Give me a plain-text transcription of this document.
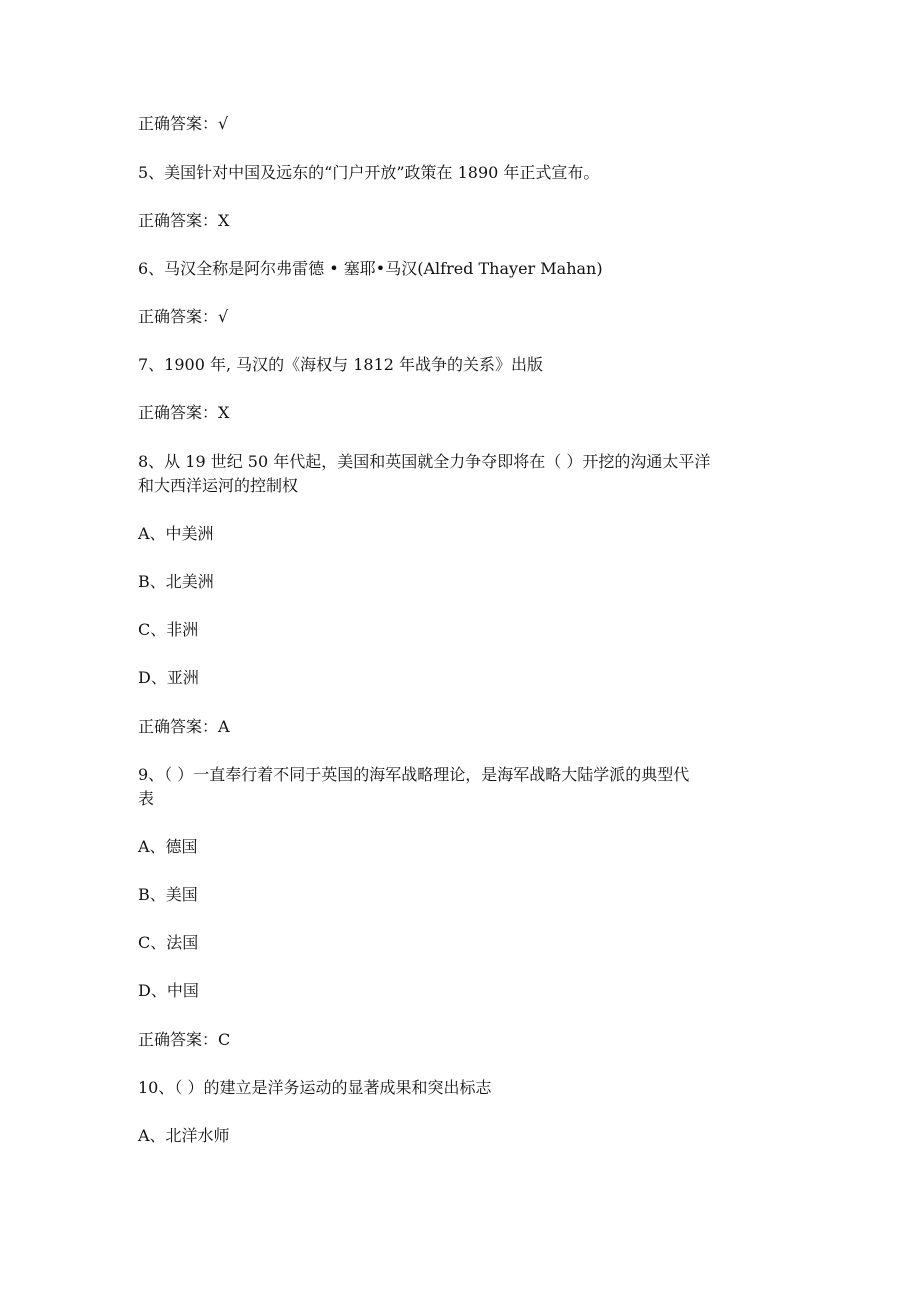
正确答案：√
5、美国针对中国及远东的“门户开放”政策在 1890 年正式宣布。
正确答案：X
6、马汉全称是阿尔弗雷德 • 塞耶•马汉(Alfred Thayer Mahan)
正确答案：√
7、1900 年, 马汉的《海权与 1812 年战争的关系》出版
正确答案：X
8、从 19 世纪 50 年代起，美国和英国就全力争夺即将在（ ）开挖的沟通太平洋
和大西洋运河的控制权
A、中美洲
B、北美洲
C、非洲
D、亚洲
正确答案：A
9、（ ）一直奉行着不同于英国的海军战略理论，是海军战略大陆学派的典型代
表
A、德国
B、美国
C、法国
D、中国
正确答案：C
10、（ ）的建立是洋务运动的显著成果和突出标志
A、北洋水师
